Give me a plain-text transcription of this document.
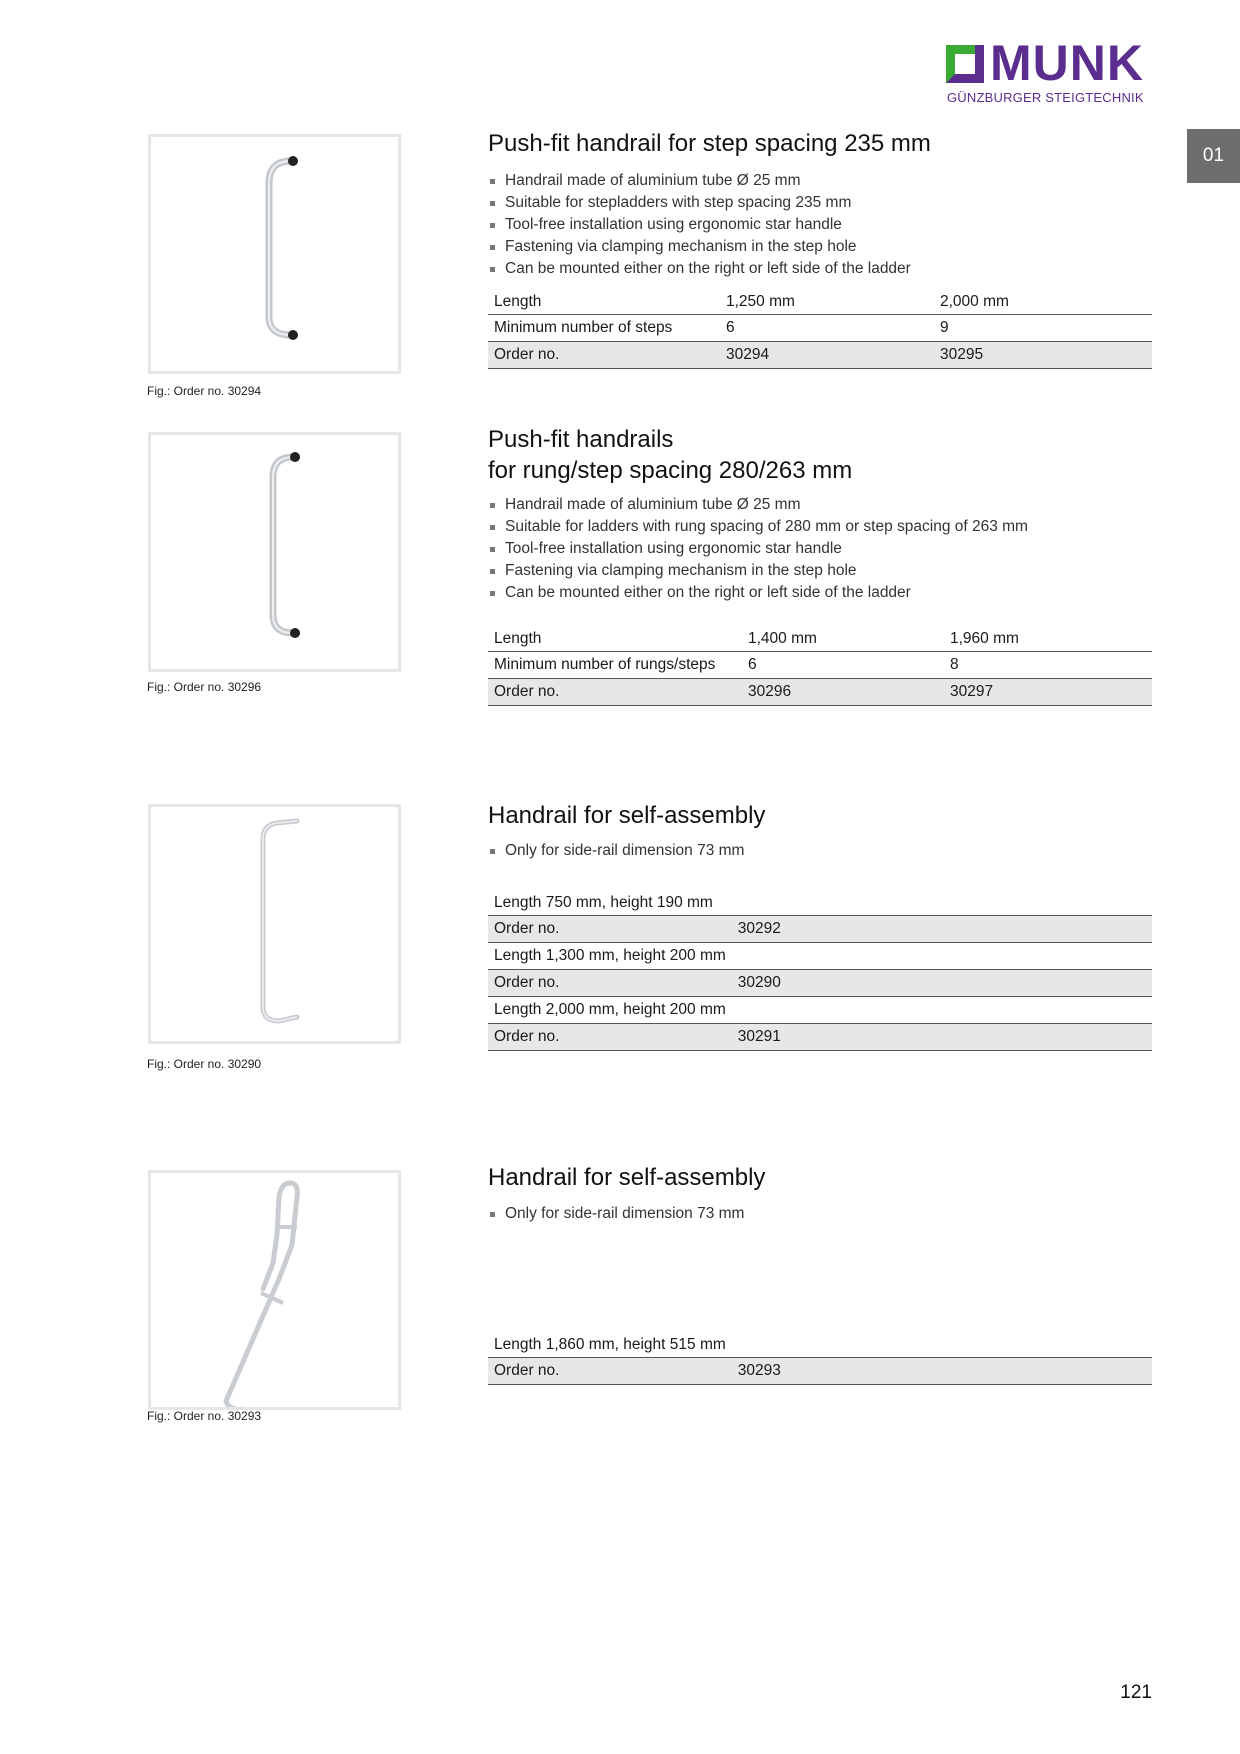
MUNK
GÜNZBURGER STEIGTECHNIK
01
Fig.: Order no. 30294
Push-fit handrail for step spacing 235 mm
Handrail made of aluminium tube Ø 25 mm
Suitable for stepladders with step spacing 235 mm
Tool-free installation using ergonomic star handle
Fastening via clamping mechanism in the step hole
Can be mounted either on the right or left side of the ladder
Length	1,250 mm	2,000 mm
Minimum number of steps	6	9
Order no.	30294	30295
Fig.: Order no. 30296
Push-fit handrails
for rung/step spacing 280/263 mm
Handrail made of aluminium tube Ø 25 mm
Suitable for ladders with rung spacing of 280 mm or step spacing of 263 mm
Tool-free installation using ergonomic star handle
Fastening via clamping mechanism in the step hole
Can be mounted either on the right or left side of the ladder
Length	1,400 mm	1,960 mm
Minimum number of rungs/steps	6	8
Order no.	30296	30297
Fig.: Order no. 30290
Handrail for self-assembly
Only for side-rail dimension 73 mm
Length 750 mm, height 190 mm	
Order no.	30292
Length 1,300 mm, height 200 mm	
Order no.	30290
Length 2,000 mm, height 200 mm	
Order no.	30291
Fig.: Order no. 30293
Handrail for self-assembly
Only for side-rail dimension 73 mm
Length 1,860 mm, height 515 mm	
Order no.	30293
121
